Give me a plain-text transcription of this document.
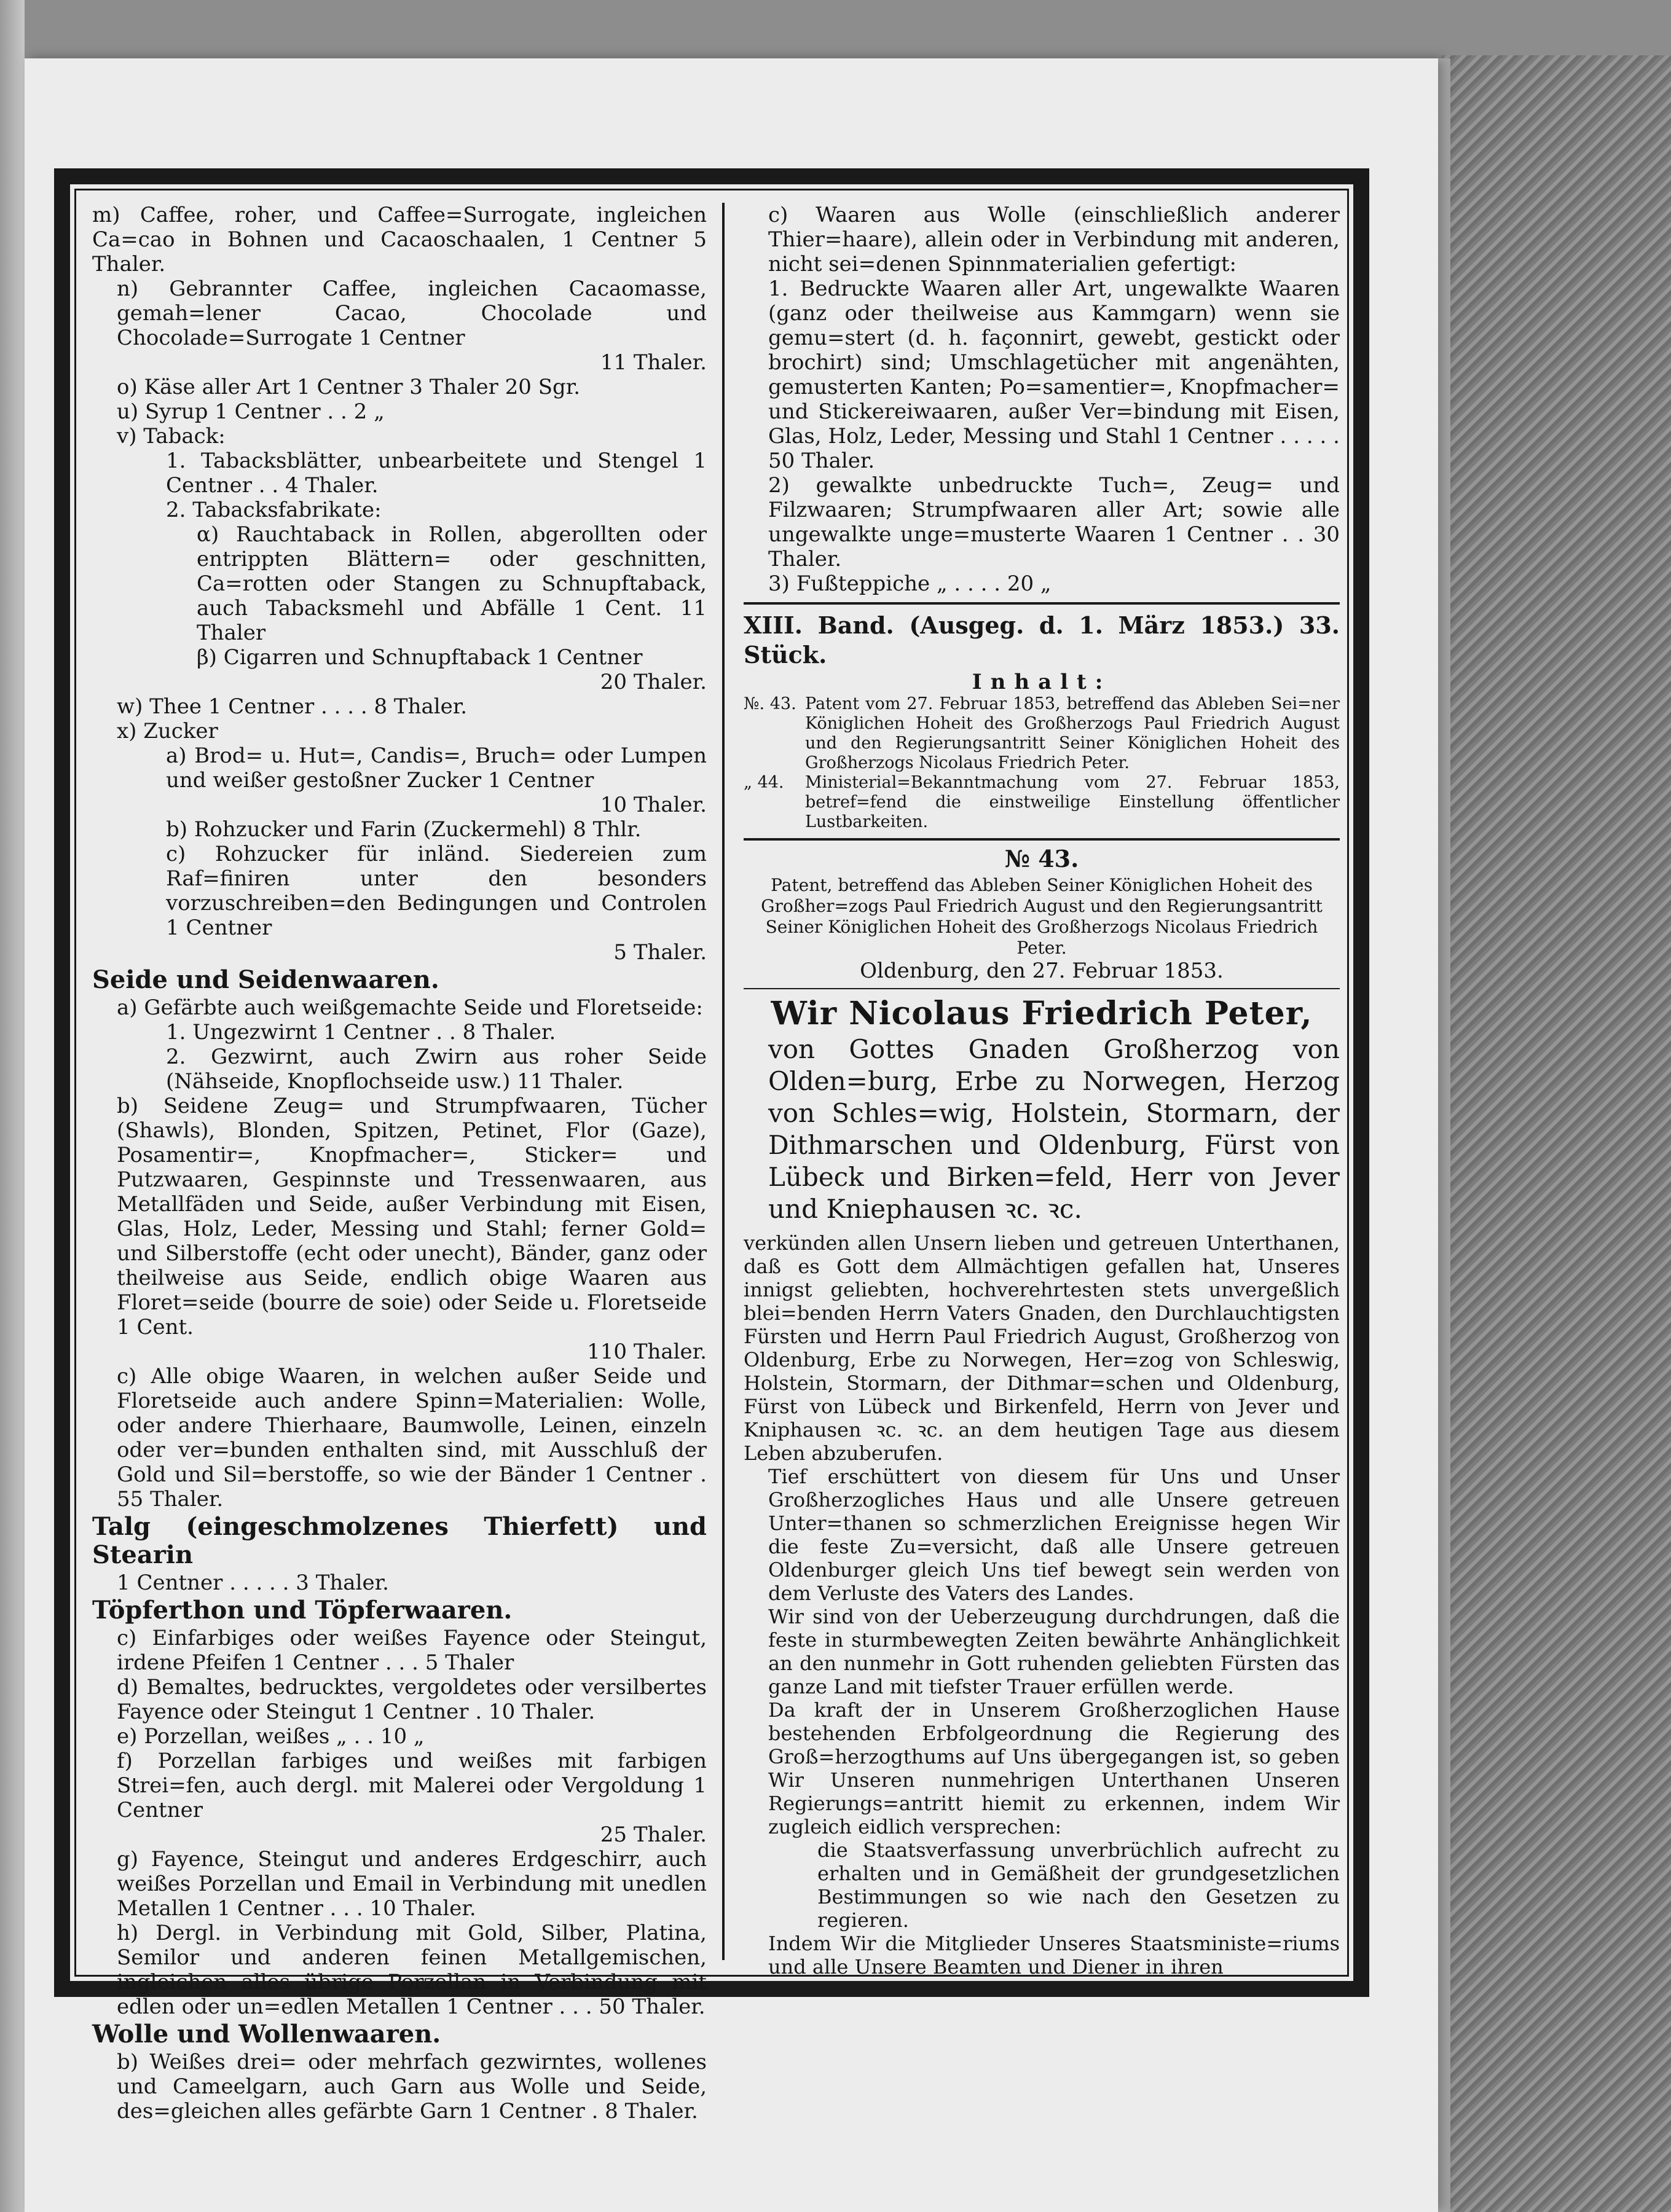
m) Caffee, roher, und Caffee=Surrogate, ingleichen Ca=cao in Bohnen und Cacaoschaalen, 1 Centner 5 Thaler.

n) Gebrannter Caffee, ingleichen Cacaomasse, gemah=lener Cacao, Chocolade und Chocolade=Surrogate 1 Centner

11 Thaler.

o) Käse aller Art 1 Centner 3 Thaler 20 Sgr.

u) Syrup 1 Centner . . 2 „

v) Taback:

1. Tabacksblätter, unbearbeitete und Stengel 1 Centner . . 4 Thaler.

2. Tabacksfabrikate:

α) Rauchtaback in Rollen, abgerollten oder entrippten Blättern= oder geschnitten, Ca=rotten oder Stangen zu Schnupftaback, auch Tabacksmehl und Abfälle 1 Cent. 11 Thaler

β) Cigarren und Schnupftaback 1 Centner

20 Thaler.

w) Thee 1 Centner . . . . 8 Thaler.

x) Zucker

a) Brod= u. Hut=, Candis=, Bruch= oder Lumpen und weißer gestoßner Zucker 1 Centner

10 Thaler.

b) Rohzucker und Farin (Zuckermehl) 8 Thlr.

c) Rohzucker für inländ. Siedereien zum Raf=finiren unter den besonders vorzuschreiben=den Bedingungen und Controlen 1 Centner

5 Thaler.

Seide und Seidenwaaren.

a) Gefärbte auch weißgemachte Seide und Floretseide:

1. Ungezwirnt 1 Centner . . 8 Thaler.

2. Gezwirnt, auch Zwirn aus roher Seide (Nähseide, Knopflochseide usw.) 11 Thaler.

b) Seidene Zeug= und Strumpfwaaren, Tücher (Shawls), Blonden, Spitzen, Petinet, Flor (Gaze), Posamentir=, Knopfmacher=, Sticker= und Putzwaaren, Gespinnste und Tressenwaaren, aus Metallfäden und Seide, außer Verbindung mit Eisen, Glas, Holz, Leder, Messing und Stahl; ferner Gold= und Silberstoffe (echt oder unecht), Bänder, ganz oder theilweise aus Seide, endlich obige Waaren aus Floret=seide (bourre de soie) oder Seide u. Floretseide 1 Cent.

110 Thaler.

c) Alle obige Waaren, in welchen außer Seide und Floretseide auch andere Spinn=Materialien: Wolle, oder andere Thierhaare, Baumwolle, Leinen, einzeln oder ver=bunden enthalten sind, mit Ausschluß der Gold und Sil=berstoffe, so wie der Bänder 1 Centner . 55 Thaler.

Talg (eingeschmolzenes Thierfett) und Stearin

1 Centner . . . . . 3 Thaler.

Töpferthon und Töpferwaaren.

c) Einfarbiges oder weißes Fayence oder Steingut, irdene Pfeifen 1 Centner . . . 5 Thaler

d) Bemaltes, bedrucktes, vergoldetes oder versilbertes Fayence oder Steingut 1 Centner . 10 Thaler.

e) Porzellan, weißes „ . . 10 „

f) Porzellan farbiges und weißes mit farbigen Strei=fen, auch dergl. mit Malerei oder Vergoldung 1 Centner

25 Thaler.

g) Fayence, Steingut und anderes Erdgeschirr, auch weißes Porzellan und Email in Verbindung mit unedlen Metallen 1 Centner . . . 10 Thaler.

h) Dergl. in Verbindung mit Gold, Silber, Platina, Semilor und anderen feinen Metallgemischen, ingleichen alles übrige Porzellan in Verbindung mit edlen oder un=edlen Metallen 1 Centner . . . 50 Thaler.

Wolle und Wollenwaaren.

b) Weißes drei= oder mehrfach gezwirntes, wollenes und Cameelgarn, auch Garn aus Wolle und Seide, des=gleichen alles gefärbte Garn 1 Centner . 8 Thaler.

c) Waaren aus Wolle (einschließlich anderer Thier=haare), allein oder in Verbindung mit anderen, nicht sei=denen Spinnmaterialien gefertigt:

1. Bedruckte Waaren aller Art, ungewalkte Waaren (ganz oder theilweise aus Kammgarn) wenn sie gemu=stert (d. h. façonnirt, gewebt, gestickt oder brochirt) sind; Umschlagetücher mit angenähten, gemusterten Kanten; Po=samentier=, Knopfmacher= und Stickereiwaaren, außer Ver=bindung mit Eisen, Glas, Holz, Leder, Messing und Stahl 1 Centner . . . . . 50 Thaler.

2) gewalkte unbedruckte Tuch=, Zeug= und Filzwaaren; Strumpfwaaren aller Art; sowie alle ungewalkte unge=musterte Waaren 1 Centner . . 30 Thaler.

3) Fußteppiche „ . . . . 20 „

XIII. Band. (Ausgeg. d. 1. März 1853.) 33. Stück.

Inhalt:

№. 43. Patent vom 27. Februar 1853, betreffend das Ableben Sei=ner Königlichen Hoheit des Großherzogs Paul Friedrich August und den Regierungsantritt Seiner Königlichen Hoheit des Großherzogs Nicolaus Friedrich Peter.
„ 44.	Ministerial=Bekanntmachung vom 27. Februar 1853, betref=fend die einstweilige Einstellung öffentlicher Lustbarkeiten.

№ 43.

Patent, betreffend das Ableben Seiner Königlichen Hoheit des Großher=zogs Paul Friedrich August und den Regierungsantritt Seiner Königlichen Hoheit des Großherzogs Nicolaus Friedrich Peter.

Oldenburg, den 27. Februar 1853.

Wir Nicolaus Friedrich Peter,

von Gottes Gnaden Großherzog von Olden=burg, Erbe zu Norwegen, Herzog von Schles=wig, Holstein, Stormarn, der Dithmarschen und Oldenburg, Fürst von Lübeck und Birken=feld, Herr von Jever und Kniephausen ꝛc. ꝛc.

verkünden allen Unsern lieben und getreuen Unterthanen, daß es Gott dem Allmächtigen gefallen hat, Unseres innigst geliebten, hochverehrtesten stets unvergeßlich blei=benden Herrn Vaters Gnaden, den Durchlauchtigsten Fürsten und Herrn Paul Friedrich August, Großherzog von Oldenburg, Erbe zu Norwegen, Her=zog von Schleswig, Holstein, Stormarn, der Dithmar=schen und Oldenburg, Fürst von Lübeck und Birkenfeld, Herrn von Jever und Kniphausen ꝛc. ꝛc. an dem heutigen Tage aus diesem Leben abzuberufen.

Tief erschüttert von diesem für Uns und Unser Großherzogliches Haus und alle Unsere getreuen Unter=thanen so schmerzlichen Ereignisse hegen Wir die feste Zu=versicht, daß alle Unsere getreuen Oldenburger gleich Uns tief bewegt sein werden von dem Verluste des Vaters des Landes.

Wir sind von der Ueberzeugung durchdrungen, daß die feste in sturmbewegten Zeiten bewährte Anhänglichkeit an den nunmehr in Gott ruhenden geliebten Fürsten das ganze Land mit tiefster Trauer erfüllen werde.

Da kraft der in Unserem Großherzoglichen Hause bestehenden Erbfolgeordnung die Regierung des Groß=herzogthums auf Uns übergegangen ist, so geben Wir Unseren nunmehrigen Unterthanen Unseren Regierungs=antritt hiemit zu erkennen, indem Wir zugleich eidlich versprechen:

die Staatsverfassung unverbrüchlich aufrecht zu erhalten und in Gemäßheit der grundgesetzlichen Bestimmungen so wie nach den Gesetzen zu regieren.

Indem Wir die Mitglieder Unseres Staatsministe=riums und alle Unsere Beamten und Diener in ihren
